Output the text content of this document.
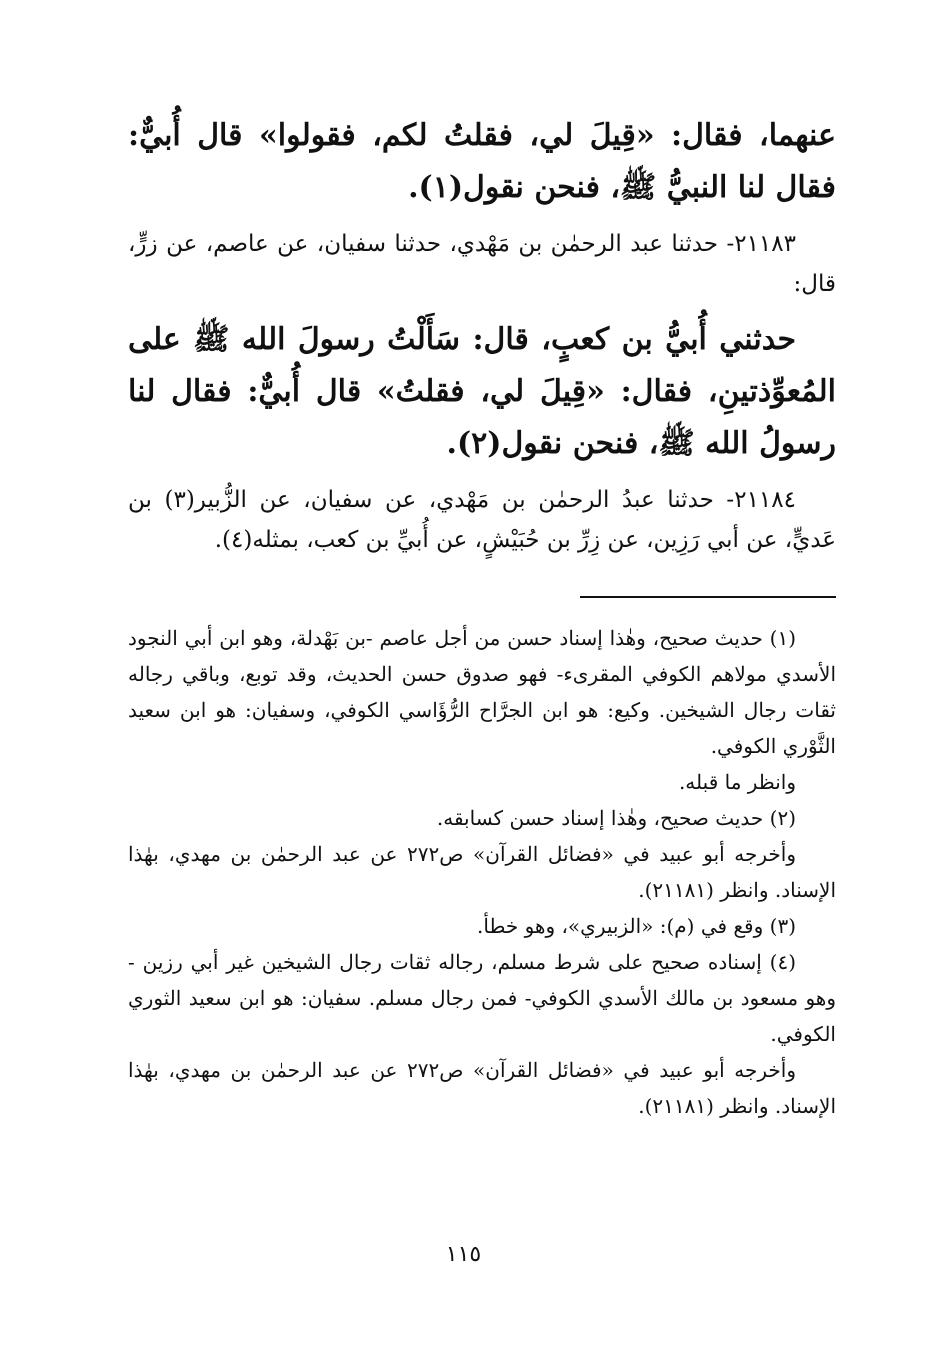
عنهما، فقال: «قِيلَ لي، فقلتُ لكم، فقولوا» قال أُبيٌّ: فقال لنا النبيُّ ﷺ، فنحن نقول(١).

٢١١٨٣- حدثنا عبد الرحمٰن بن مَهْدي، حدثنا سفيان، عن عاصم، عن زرٍّ، قال:

حدثني أُبيُّ بن كعبٍ، قال: سَأَلْتُ رسولَ الله ﷺ على المُعوِّذتينِ، فقال: «قِيلَ لي، فقلتُ» قال أُبيٌّ: فقال لنا رسولُ الله ﷺ، فنحن نقول(٢).

٢١١٨٤- حدثنا عبدُ الرحمٰن بن مَهْدي، عن سفيان، عن الزُّبير(٣) بن عَديٍّ، عن أبي رَزِين، عن زِرِّ بن حُبَيْشٍ، عن أُبيِّ بن كعب، بمثله(٤).

(١) حديث صحيح، وهٰذا إسناد حسن من أجل عاصم -بن بَهْدلة، وهو ابن أبي النجود الأسدي مولاهم الكوفي المقرىء- فهو صدوق حسن الحديث، وقد توبع، وباقي رجاله ثقات رجال الشيخين. وكيع: هو ابن الجرَّاح الرُّؤَاسي الكوفي، وسفيان: هو ابن سعيد الثَّوْري الكوفي.

وانظر ما قبله.

(٢) حديث صحيح، وهٰذا إسناد حسن كسابقه.

وأخرجه أبو عبيد في «فضائل القرآن» ص٢٧٢ عن عبد الرحمٰن بن مهدي، بهٰذا الإسناد. وانظر (٢١١٨١).

(٣) وقع في (م): «الزبيري»، وهو خطأ.

(٤) إسناده صحيح على شرط مسلم، رجاله ثقات رجال الشيخين غير أبي رزين - وهو مسعود بن مالك الأسدي الكوفي- فمن رجال مسلم. سفيان: هو ابن سعيد الثوري الكوفي.

وأخرجه أبو عبيد في «فضائل القرآن» ص٢٧٢ عن عبد الرحمٰن بن مهدي، بهٰذا الإسناد. وانظر (٢١١٨١).

١١٥
